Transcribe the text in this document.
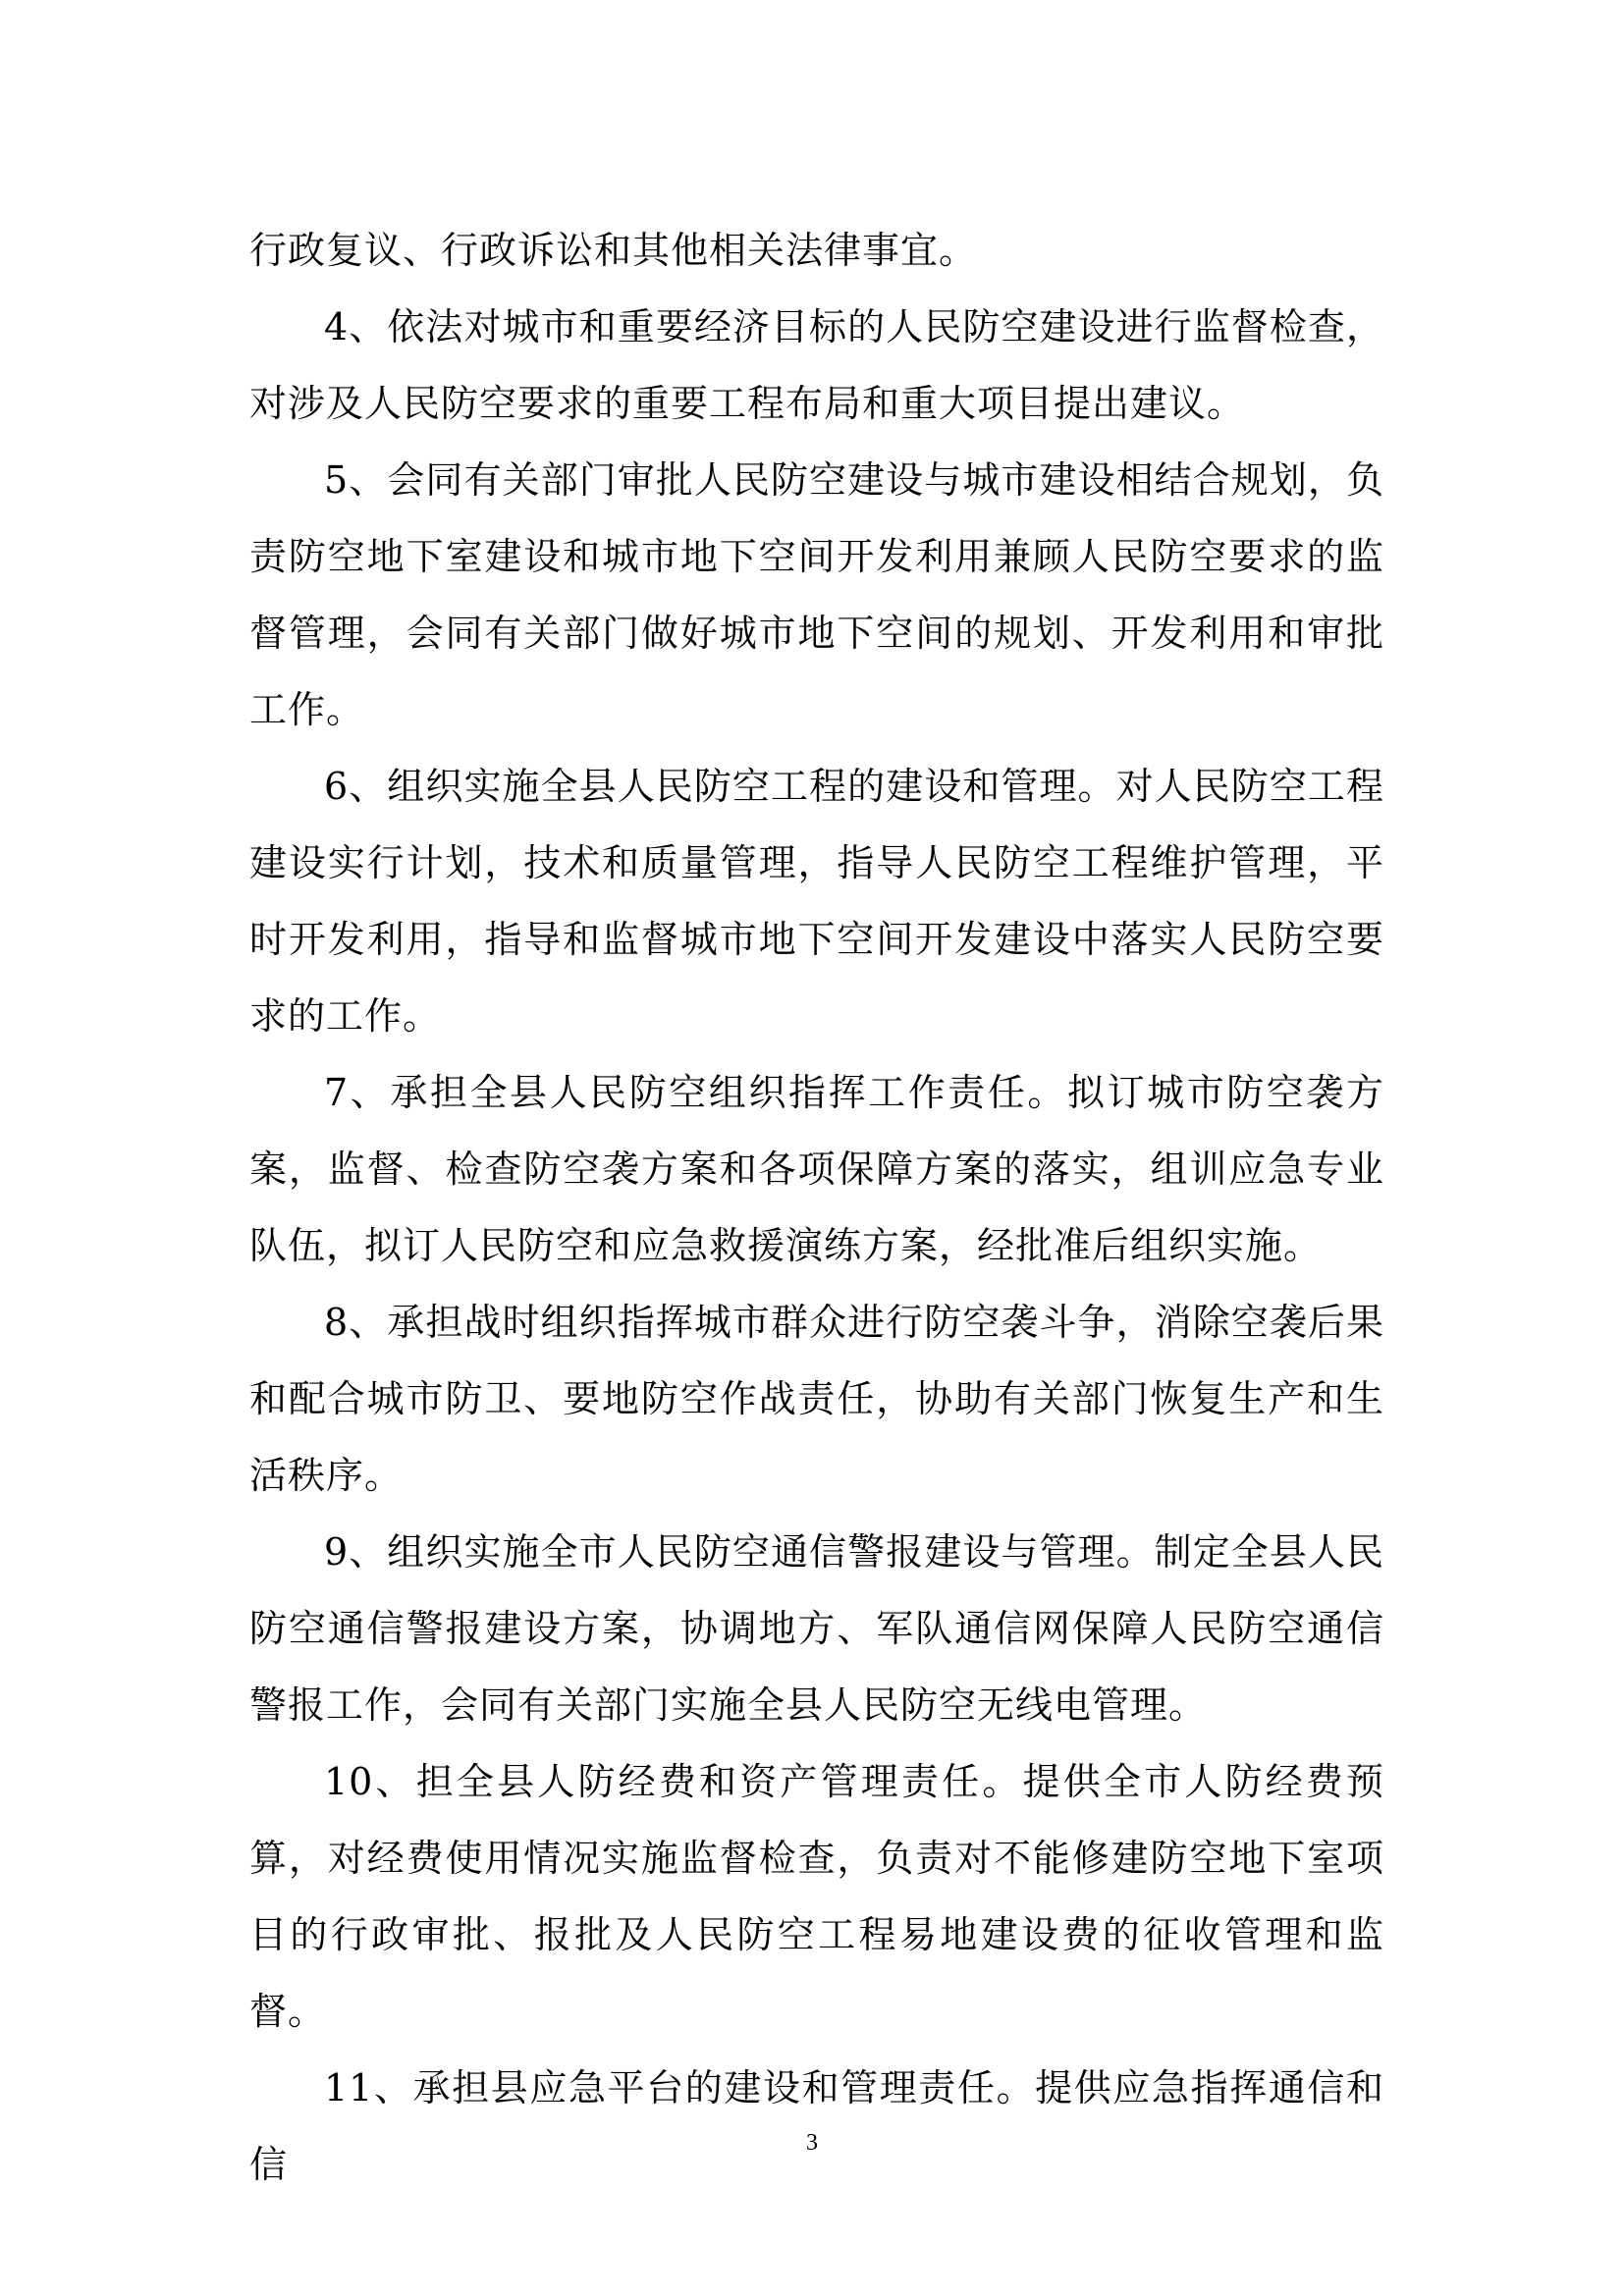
行政复议、行政诉讼和其他相关法律事宜。

4、依法对城市和重要经济目标的人民防空建设进行监督检查，对涉及人民防空要求的重要工程布局和重大项目提出建议。

5、会同有关部门审批人民防空建设与城市建设相结合规划，负责防空地下室建设和城市地下空间开发利用兼顾人民防空要求的监督管理，会同有关部门做好城市地下空间的规划、开发利用和审批工作。

6、组织实施全县人民防空工程的建设和管理。对人民防空工程建设实行计划，技术和质量管理，指导人民防空工程维护管理，平时开发利用，指导和监督城市地下空间开发建设中落实人民防空要求的工作。

7、承担全县人民防空组织指挥工作责任。拟订城市防空袭方案，监督、检查防空袭方案和各项保障方案的落实，组训应急专业队伍，拟订人民防空和应急救援演练方案，经批准后组织实施。

8、承担战时组织指挥城市群众进行防空袭斗争，消除空袭后果和配合城市防卫、要地防空作战责任，协助有关部门恢复生产和生活秩序。

9、组织实施全市人民防空通信警报建设与管理。制定全县人民防空通信警报建设方案，协调地方、军队通信网保障人民防空通信警报工作，会同有关部门实施全县人民防空无线电管理。

10、担全县人防经费和资产管理责任。提供全市人防经费预算，对经费使用情况实施监督检查，负责对不能修建防空地下室项目的行政审批、报批及人民防空工程易地建设费的征收管理和监督。

11、承担县应急平台的建设和管理责任。提供应急指挥通信和信	3
